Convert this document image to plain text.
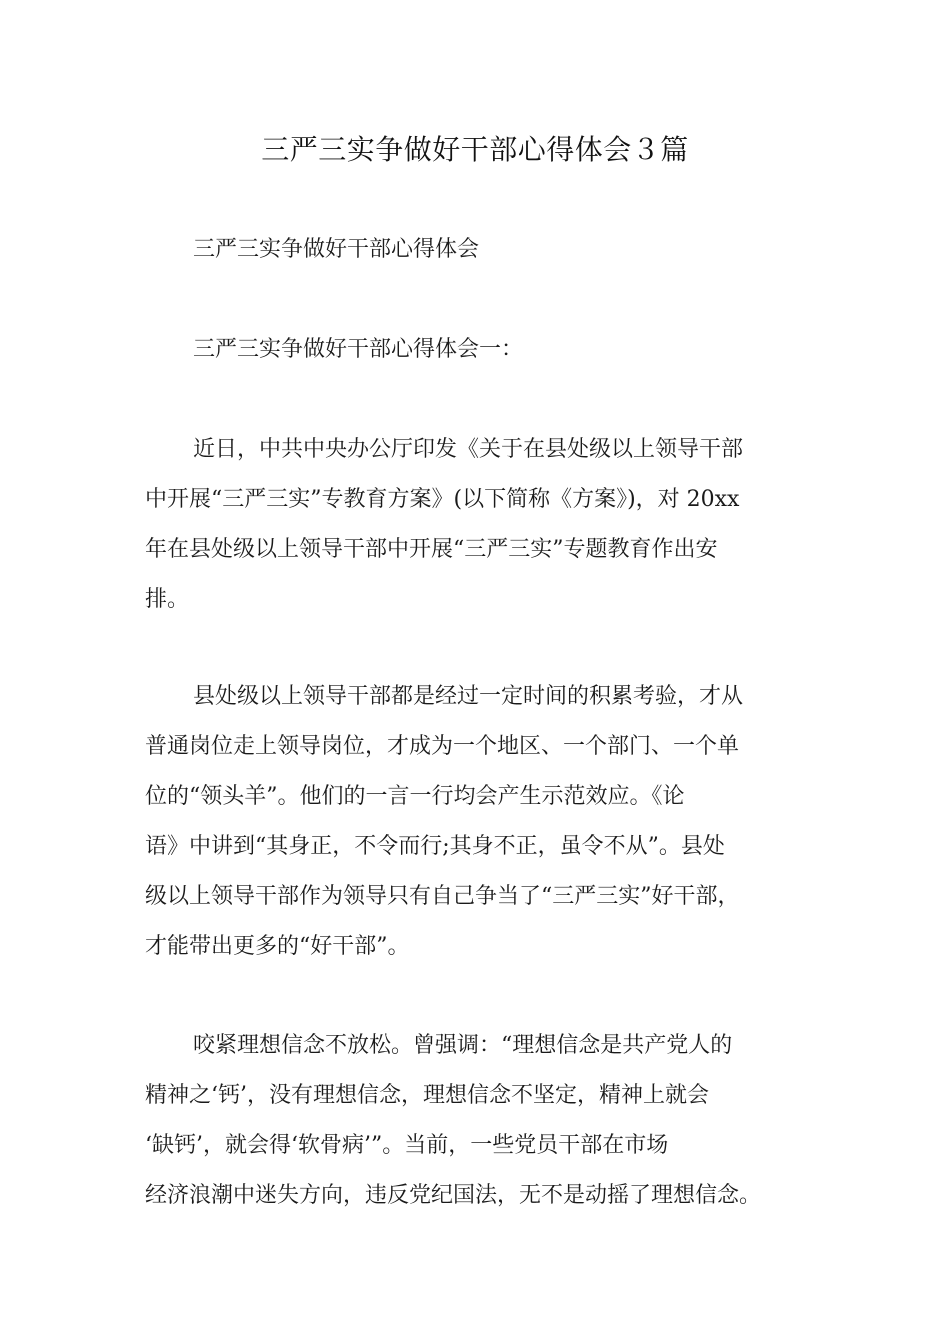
三严三实争做好干部心得体会３篇

三严三实争做好干部心得体会

三严三实争做好干部心得体会一：

近日，中共中央办公厅印发《关于在县处级以上领导干部
中开展“三严三实”专教育方案》(以下简称《方案》)，对 20xx
年在县处级以上领导干部中开展“三严三实”专题教育作出安
排。

县处级以上领导干部都是经过一定时间的积累考验，才从
普通岗位走上领导岗位，才成为一个地区、一个部门、一个单
位的“领头羊”。他们的一言一行均会产生示范效应。《论
语》中讲到“其身正，不令而行;其身不正，虽令不从”。县处
级以上领导干部作为领导只有自己争当了“三严三实”好干部，
才能带出更多的“好干部”。

咬紧理想信念不放松。曾强调：“理想信念是共产党人的
精神之‘钙’，没有理想信念，理想信念不坚定，精神上就会
‘缺钙’，就会得‘软骨病’”。当前，一些党员干部在市场
经济浪潮中迷失方向，违反党纪国法，无不是动摇了理想信念。
